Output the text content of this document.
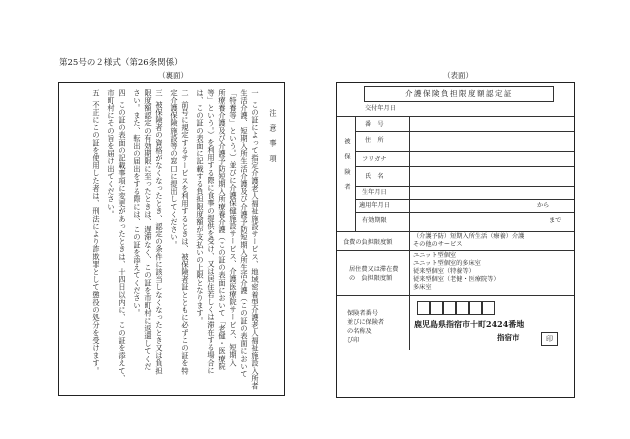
第25号の２様式（第26条関係）
（裏面）	（表面）
注　意　事　項
一
この証によって指定介護老人福祉施設サービス、地域密着型介護老人福祉施設入所者
生活介護、短期入所生活介護及び介護予防短期入所生活介護（この証の表面において
「特養等」という。）並びに介護保健施設サービス、介護医療院サービス、短期入
所療養介護及び介護予防短期入所療養介護（この証の表面において「老健・医療院
等」という。）を利用する際に食事の提供を受け、又は居住若しくは滞在する場合に
は、この証の表面に記載する負担限度額が支払いの上限となります。
二
前号に規定するサービスを利用するときは、被保険者証とともに必ずこの証を特
定介護保険施設等の窓口に提出してください。
三
被保険者の資格がなくなったとき、認定の条件に該当しなくなったとき又は負担
限度額認定の有効期限に至ったときは、遅滞なく、この証を市町村に返還してくだ
さい。また、転出の届出をする際には、この証を添えてください。
四
この証の表面の記載事項に変更があったときは、十四日以内に、この証を添えて、
市町村にその旨を届け出てください。
五
不正にこの証を使用した者は、刑法により詐欺罪として懲役の処分を受けます。
介護保険負担限度額認定証
交付年月日
被保険者
番　号
住　所
フリガナ
氏　名
生年月日
適用年月日	から
有効期限	まで
食費の負担限度額
（介護予防）短期入所生活（療養）介護
その他のサービス
居住費又は滞在費
の　負担限度額
ユニット型個室
ユニット型個室的多床室
従来型個室（特養等）
従来型個室（老健・医療院等）
多床室
保険者番号
並びに保険者
の名称及
び印
鹿児島県指宿市十町2424番地
指宿市	印
